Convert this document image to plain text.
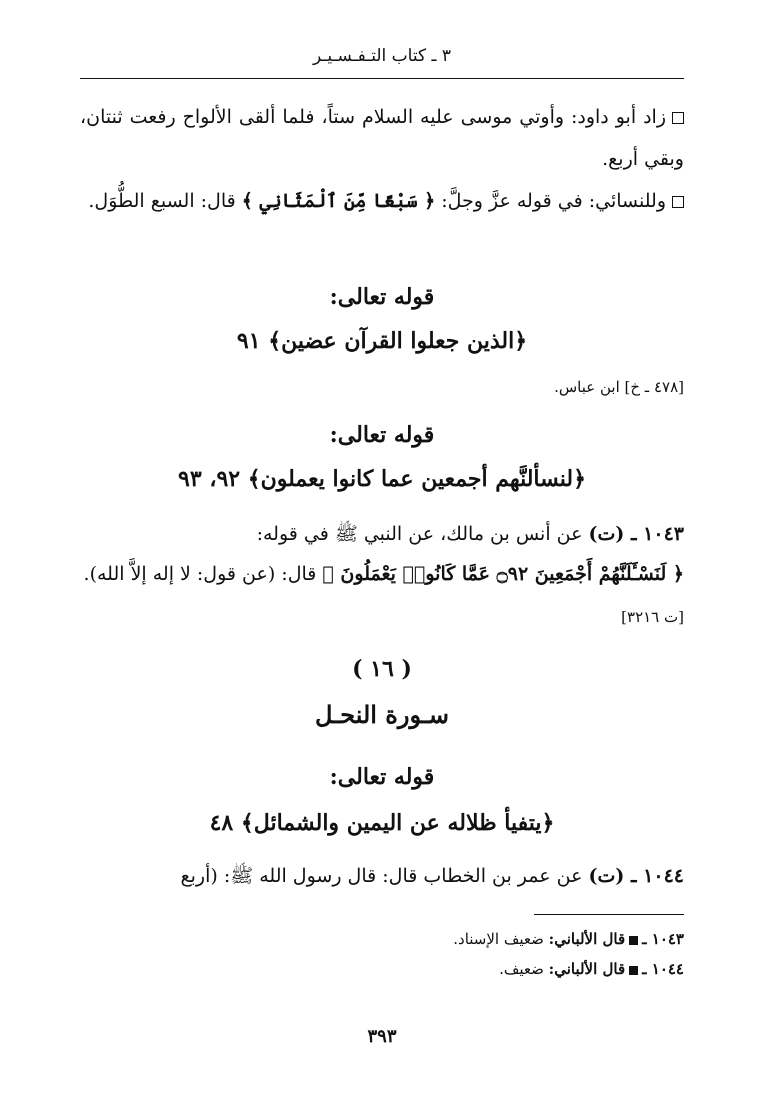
٣ ـ كتاب التـفـسـيـر
زاد أبو داود: وأوتي موسى عليه السلام ستاً، فلما ألقى الألواح رفعت ثنتان، وبقي أربع.
وللنسائي: في قوله عزَّ وجلَّ: ﴿ سَبْعًا مِّنَ ٱلْمَثَانِي ﴾ قال: السبع الطُّوَل.
قوله تعالى:
﴿الذين جعلوا القرآن عضين﴾ ٩١
[٤٧٨ ـ خ] ابن عباس.
قوله تعالى:
﴿لنسألنَّهم أجمعين عما كانوا يعملون﴾ ٩٢، ٩٣
١٠٤٣ ـ (ت) عن أنس بن مالك، عن النبي ﷺ في قوله:
﴿ لَنَسْـَٔلَنَّهُمْ أَجْمَعِينَ ۝٩٢ عَمَّا كَانُوا۟ يَعْمَلُونَ ﴾ قال: (عن قول: لا إله إلاَّ الله).
[ت ٣٢١٦]
( ١٦ )
سـورة النحـل
قوله تعالى:
﴿يتفيأ ظلاله عن اليمين والشمائل﴾ ٤٨
١٠٤٤ ـ (ت) عن عمر بن الخطاب قال: قال رسول الله ﷺ: (أربع
١٠٤٣ ـقال الألباني: ضعيف الإسناد.
١٠٤٤ ـقال الألباني: ضعيف.
٣٩٣
